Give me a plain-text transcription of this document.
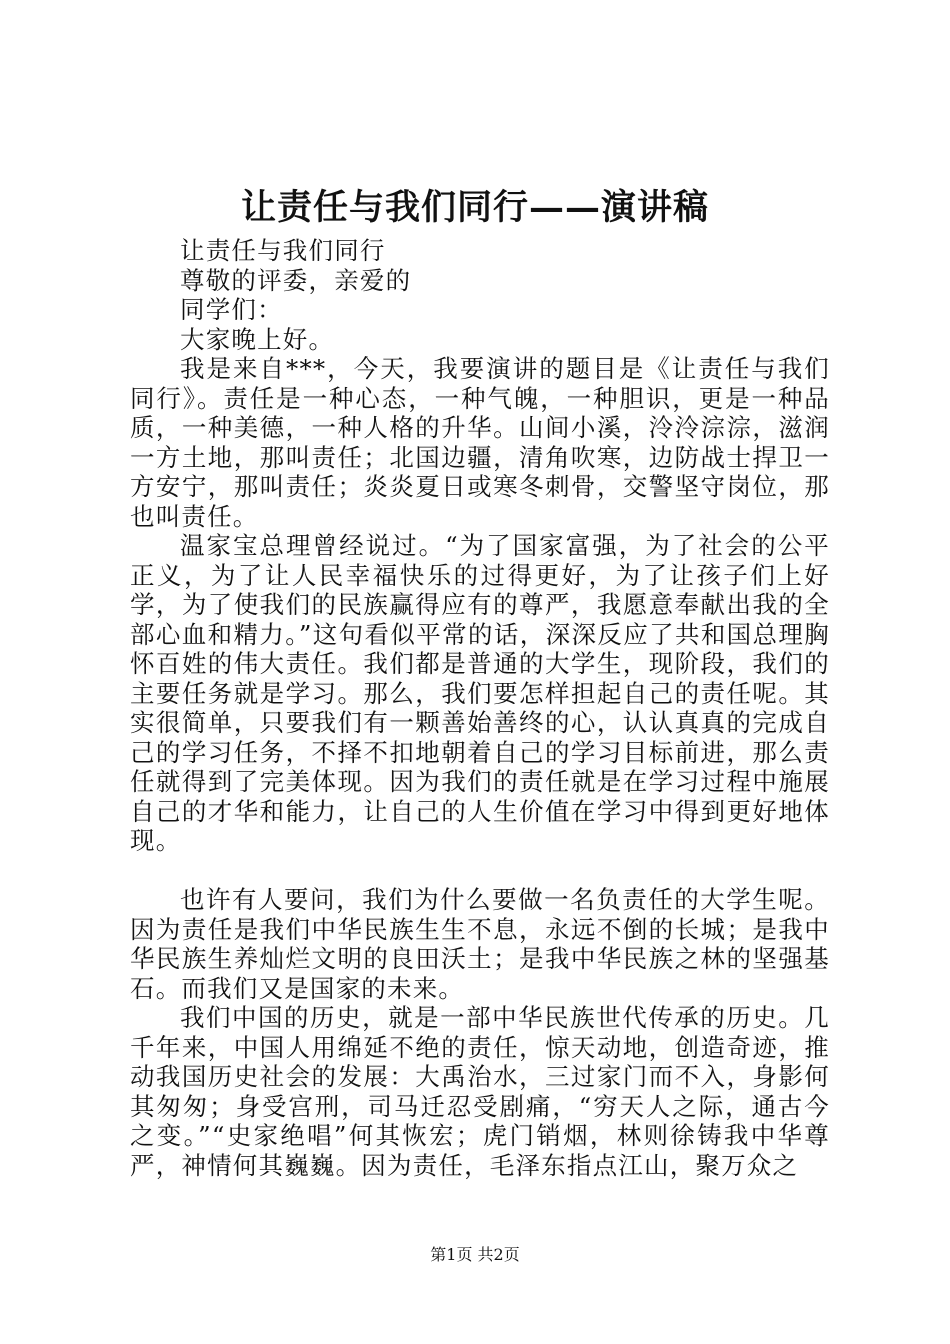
让责任与我们同行——演讲稿

让责任与我们同行

尊敬的评委，亲爱的

同学们：

大家晚上好。

我是来自***，今天，我要演讲的题目是《让责任与我们同行》。责任是一种心态，一种气魄，一种胆识，更是一种品质，一种美德，一种人格的升华。山间小溪，泠泠淙淙，滋润一方土地，那叫责任；北国边疆，清角吹寒，边防战士捍卫一方安宁，那叫责任；炎炎夏日或寒冬刺骨，交警坚守岗位，那也叫责任。

温家宝总理曾经说过。“为了国家富强，为了社会的公平正义，为了让人民幸福快乐的过得更好，为了让孩子们上好学，为了使我们的民族赢得应有的尊严，我愿意奉献出我的全部心血和精力。”这句看似平常的话，深深反应了共和国总理胸怀百姓的伟大责任。我们都是普通的大学生，现阶段，我们的主要任务就是学习。那么，我们要怎样担起自己的责任呢。其实很简单，只要我们有一颗善始善终的心，认认真真的完成自己的学习任务，不择不扣地朝着自己的学习目标前进，那么责任就得到了完美体现。因为我们的责任就是在学习过程中施展自己的才华和能力，让自己的人生价值在学习中得到更好地体现。

也许有人要问，我们为什么要做一名负责任的大学生呢。因为责任是我们中华民族生生不息，永远不倒的长城；是我中华民族生养灿烂文明的良田沃土；是我中华民族之林的坚强基石。而我们又是国家的未来。

我们中国的历史，就是一部中华民族世代传承的历史。几千年来，中国人用绵延不绝的责任，惊天动地，创造奇迹，推动我国历史社会的发展：大禹治水，三过家门而不入，身影何其匆匆；身受宫刑，司马迁忍受剧痛，“穷天人之际，通古今之变。”“史家绝唱”何其恢宏；虎门销烟，林则徐铸我中华尊严，神情何其巍巍。因为责任，毛泽东指点江山，聚万众之

第1页 共2页
